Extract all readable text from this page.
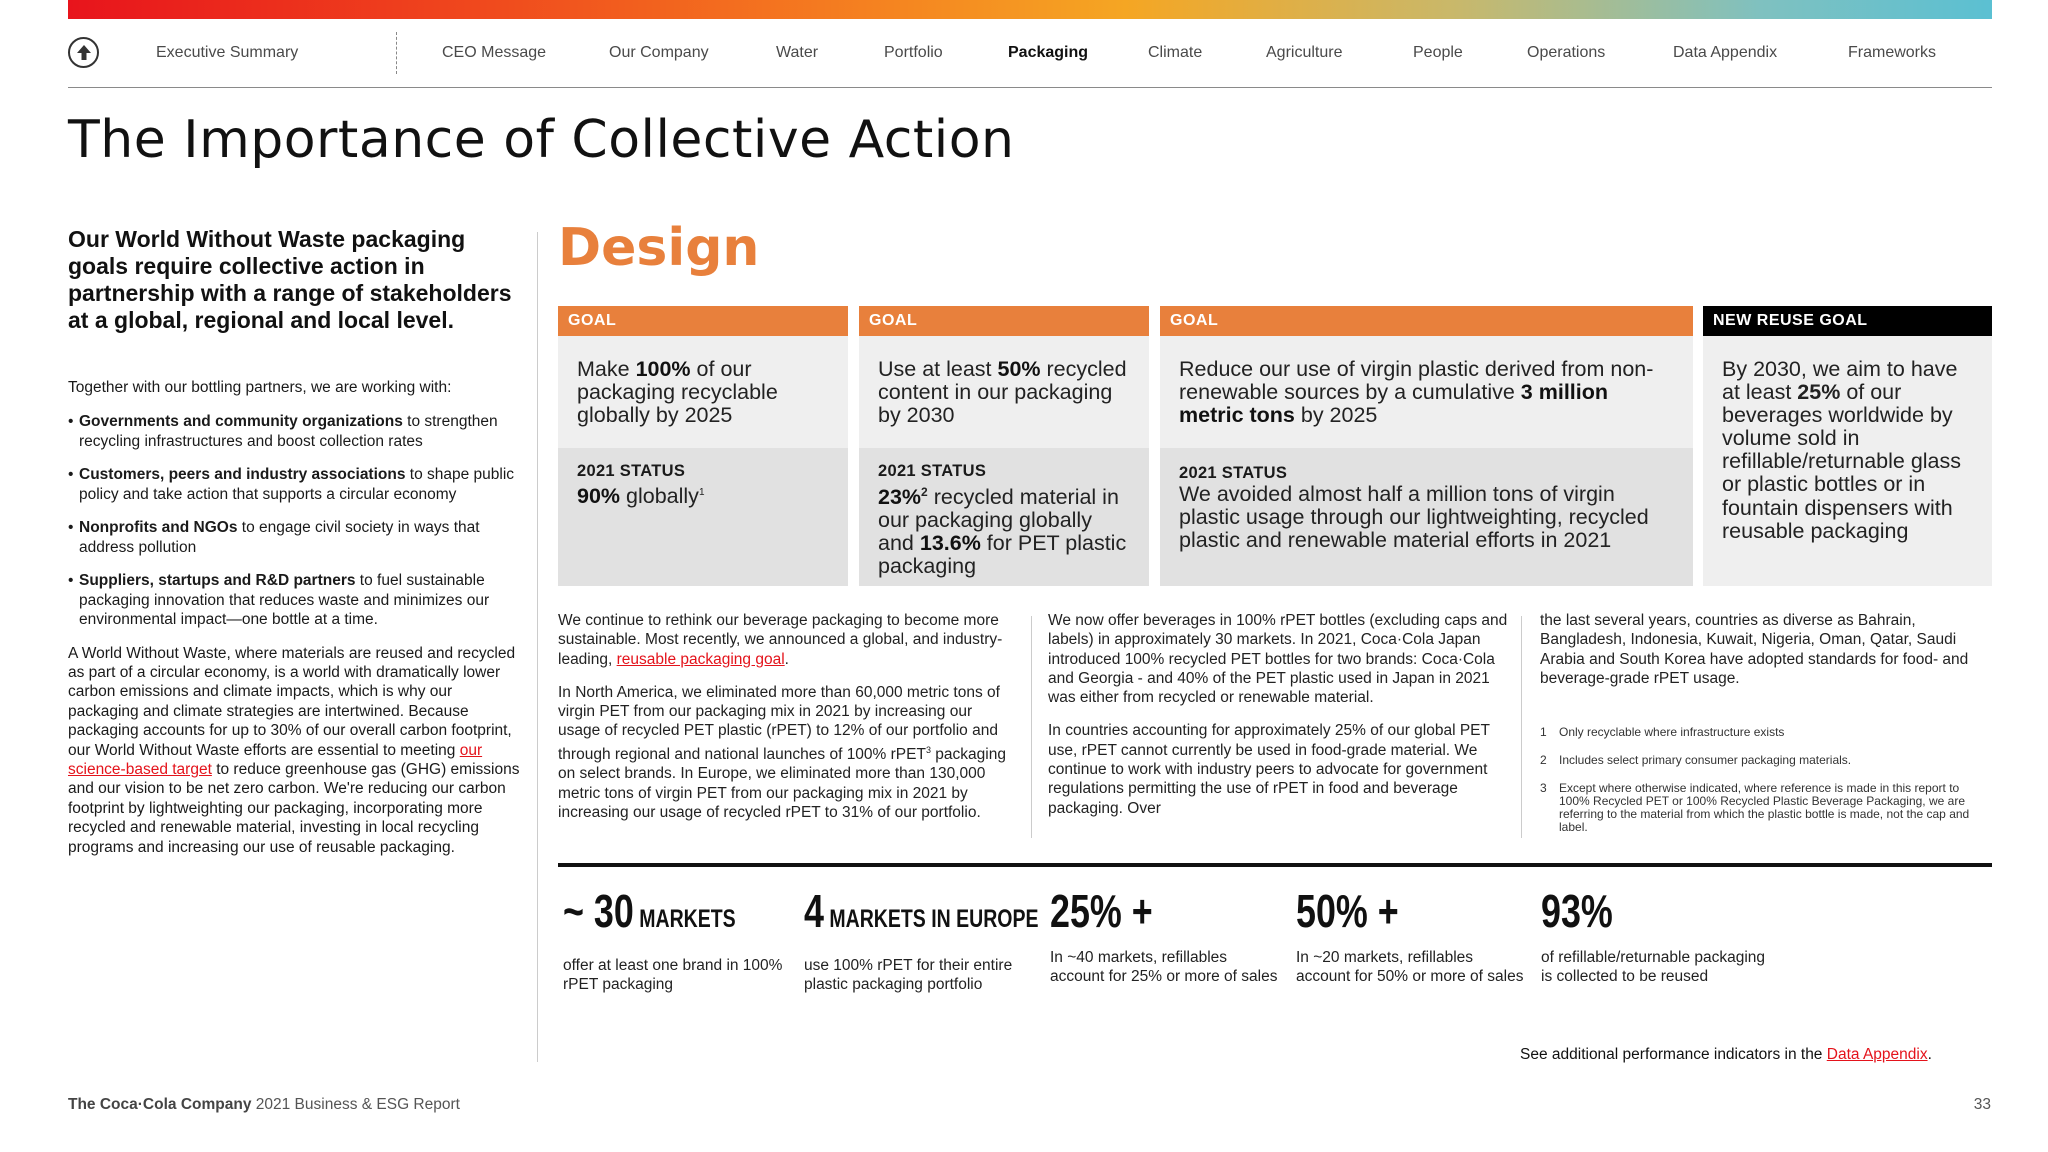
Executive Summary	CEO Message	Our Company	Water	Portfolio	Packaging	Climate	Agriculture	People	Operations	Data Appendix	Frameworks
The Importance of Collective Action
Our World Without Waste packaging goals require collective action in partnership with a range of stakeholders at a global, regional and local level.

Together with our bottling partners, we are working with:

• Governments and community organizations to strengthen recycling infrastructures and boost collection rates
• Customers, peers and industry associations to shape public policy and take action that supports a circular economy
• Nonprofits and NGOs to engage civil society in ways that address pollution
• Suppliers, startups and R&D partners to fuel sustainable packaging innovation that reduces waste and minimizes our environmental impact—one bottle at a time.

A World Without Waste, where materials are reused and recycled as part of a circular economy, is a world with dramatically lower carbon emissions and climate impacts, which is why our packaging and climate strategies are intertwined. Because packaging accounts for up to 30% of our overall carbon footprint, our World Without Waste efforts are essential to meeting our science-based target to reduce greenhouse gas (GHG) emissions and our vision to be net zero carbon. We're reducing our carbon footprint by lightweighting our packaging, incorporating more recycled and renewable material, investing in local recycling programs and increasing our use of reusable packaging.

Design
GOAL
Make 100% of our packaging recyclable globally by 2025
2021 STATUS
90% globally$^1$
GOAL
Use at least 50% recycled content in our packaging by 2030
2021 STATUS
23%$^2$ recycled material in our packaging globally and 13.6% for PET plastic packaging
GOAL
Reduce our use of virgin plastic derived from non-renewable sources by a cumulative 3 million metric tons by 2025
2021 STATUS
We avoided almost half a million tons of virgin plastic usage through our lightweighting, recycled plastic and renewable material efforts in 2021
NEW REUSE GOAL
By 2030, we aim to have at least 25% of our beverages worldwide by volume sold in refillable/returnable glass or plastic bottles or in fountain dispensers with reusable packaging

We continue to rethink our beverage packaging to become more sustainable. Most recently, we announced a global, and industry-leading, reusable packaging goal.

In North America, we eliminated more than 60,000 metric tons of virgin PET from our packaging mix in 2021 by increasing our usage of recycled PET plastic (rPET) to 12% of our portfolio and through regional and national launches of 100% rPET$^3$ packaging on select brands. In Europe, we eliminated more than 130,000 metric tons of virgin PET from our packaging mix in 2021 by increasing our usage of recycled rPET to 31% of our portfolio.

We now offer beverages in 100% rPET bottles (excluding caps and labels) in approximately 30 markets. In 2021, Coca·Cola Japan introduced 100% recycled PET bottles for two brands: Coca·Cola and Georgia - and 40% of the PET plastic used in Japan in 2021 was either from recycled or renewable material.

In countries accounting for approximately 25% of our global PET use, rPET cannot currently be used in food-grade material. We continue to work with industry peers to advocate for government regulations permitting the use of rPET in food and beverage packaging. Over

the last several years, countries as diverse as Bahrain, Bangladesh, Indonesia, Kuwait, Nigeria, Oman, Qatar, Saudi Arabia and South Korea have adopted standards for food- and beverage-grade rPET usage.

1	Only recyclable where infrastructure exists
2	Includes select primary consumer packaging materials.
3	Except where otherwise indicated, where reference is made in this report to 100% Recycled PET or 100% Recycled Plastic Beverage Packaging, we are referring to the material from which the plastic bottle is made, not the cap and label.
~ 30 MARKETS
offer at least one brand in 100% rPET packaging
4 MARKETS IN EUROPE
use 100% rPET for their entire plastic packaging portfolio
25% +
In ~40 markets, refillables account for 25% or more of sales
50% +
In ~20 markets, refillables account for 50% or more of sales
93%
of refillable/returnable packaging is collected to be reused
See additional performance indicators in the Data Appendix.
The Coca·Cola Company 2021 Business & ESG Report	33
